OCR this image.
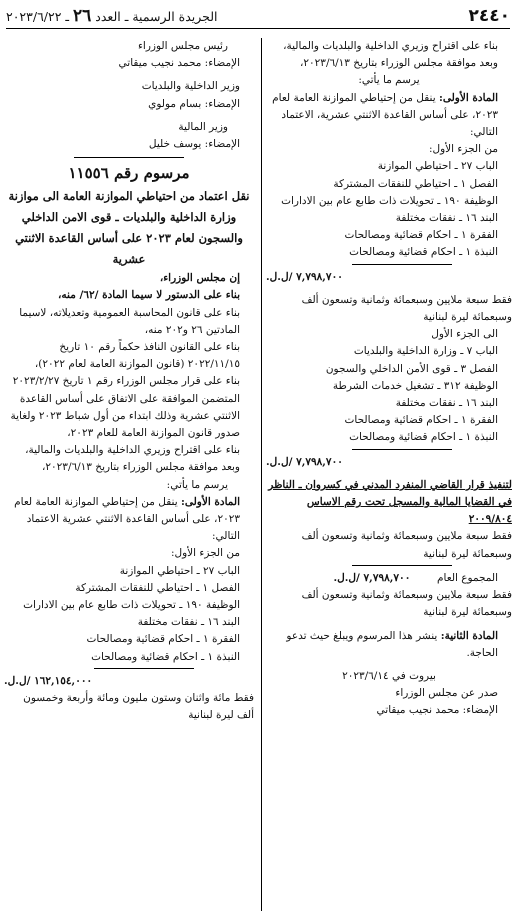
٢٤٤٠
الجريدة الرسمية ـ العدد ٢٦ ـ ٢٠٢٣/٦/٢٢

بناء على اقتراح وزيري الداخلية والبلديات والمالية،

وبعد موافقة مجلس الوزراء بتاريخ ٢٠٢٣/٦/١٣،

يرسم ما يأتي:

المادة الأولى: ينقل من إحتياطي الموازنة العامة لعام ٢٠٢٣، على أساس القاعدة الاثنتي عشرية، الاعتماد التالي:

من الجزء الأول:

الباب ٢٧ ـ احتياطي الموازنة

الفصل ١ ـ احتياطي للنفقات المشتركة

الوظيفة ١٩٠ ـ تحويلات ذات طابع عام بين الادارات

البند ١٦ ـ نفقات مختلفة

الفقرة ١ ـ احكام قضائية ومصالحات

النبذة ١ ـ احكام قضائية ومصالحات

٧,٧٩٨,٧٠٠ /ل.ل.

فقط سبعة ملايين وسبعمائة وثمانية وتسعون ألف وسبعمائة ليرة لبنانية

الى الجزء الأول

الباب ٧ ـ وزارة الداخلية والبلديات

الفصل ٣ ـ قوى الأمن الداخلي والسجون

الوظيفة ٣١٢ ـ تشغيل خدمات الشرطة

البند ١٦ ـ نفقات مختلفة

الفقرة ١ ـ احكام قضائية ومصالحات

النبذة ١ ـ احكام قضائية ومصالحات

٧,٧٩٨,٧٠٠ /ل.ل.

لتنفيذ قرار القاضي المنفرد المدني في كسروان ـ الناظر في القضايا المالية والمسجل تحت رقم الاساس ٢٠٠٩/٨٠٤

فقط سبعة ملايين وسبعمائة وثمانية وتسعون ألف وسبعمائة ليرة لبنانية

المجموع العام        ٧,٧٩٨,٧٠٠ /ل.ل.

فقط سبعة ملايين وسبعمائة وثمانية وتسعون ألف وسبعمائة ليرة لبنانية

المادة الثانية: ينشر هذا المرسوم ويبلغ حيث تدعو الحاجة.

بيروت في ٢٠٢٣/٦/١٤

صدر عن مجلس الوزراء

الإمضاء: محمد نجيب ميقاتي

رئيس مجلس الوزراء

الإمضاء: محمد نجيب ميقاتي

وزير الداخلية والبلديات

الإمضاء: بسام مولوي

وزير المالية

الإمضاء: يوسف خليل

مرسوم رقم ١١٥٥٦

نقل اعتماد من احتياطي الموازنة العامة الى موازنة وزارة الداخلية والبلديات ـ قوى الامن الداخلي والسجون لعام ٢٠٢٣ على أساس القاعدة الاثنتي عشرية

إن مجلس الوزراء،

بناء على الدستور لا سيما المادة /٦٢/ منه،

بناء على قانون المحاسبة العمومية وتعديلاته، لاسيما المادتين ٢٦ و٢٠٢ منه،

بناء على القانون النافذ حكماً رقم ١٠ تاريخ ٢٠٢٢/١١/١٥ (قانون الموازنة العامة لعام ٢٠٢٢)،

بناء على قرار مجلس الوزراء رقم ١ تاريخ ٢٠٢٣/٢/٢٧ المتضمن الموافقة على الاتفاق على أساس القاعدة الاثنتي عشرية وذلك ابتداء من أول شباط ٢٠٢٣ ولغاية صدور قانون الموازنة العامة للعام ٢٠٢٣،

بناء على اقتراح وزيري الداخلية والبلديات والمالية،

وبعد موافقة مجلس الوزراء بتاريخ ٢٠٢٣/٦/١٣،

يرسم ما يأتي:

المادة الأولى: ينقل من إحتياطي الموازنة العامة لعام ٢٠٢٣، على أساس القاعدة الاثنتي عشرية الاعتماد التالي:

من الجزء الأول:

الباب ٢٧ ـ احتياطي الموازنة

الفصل ١ ـ احتياطي للنفقات المشتركة

الوظيفة ١٩٠ ـ تحويلات ذات طابع عام بين الادارات

البند ١٦ ـ نفقات مختلفة

الفقرة ١ ـ احكام قضائية ومصالحات

النبذة ١ ـ احكام قضائية ومصالحات

١٦٢,١٥٤,٠٠٠ /ل.ل.

فقط مائة واثنان وستون مليون ومائة وأربعة وخمسون ألف ليرة لبنانية
